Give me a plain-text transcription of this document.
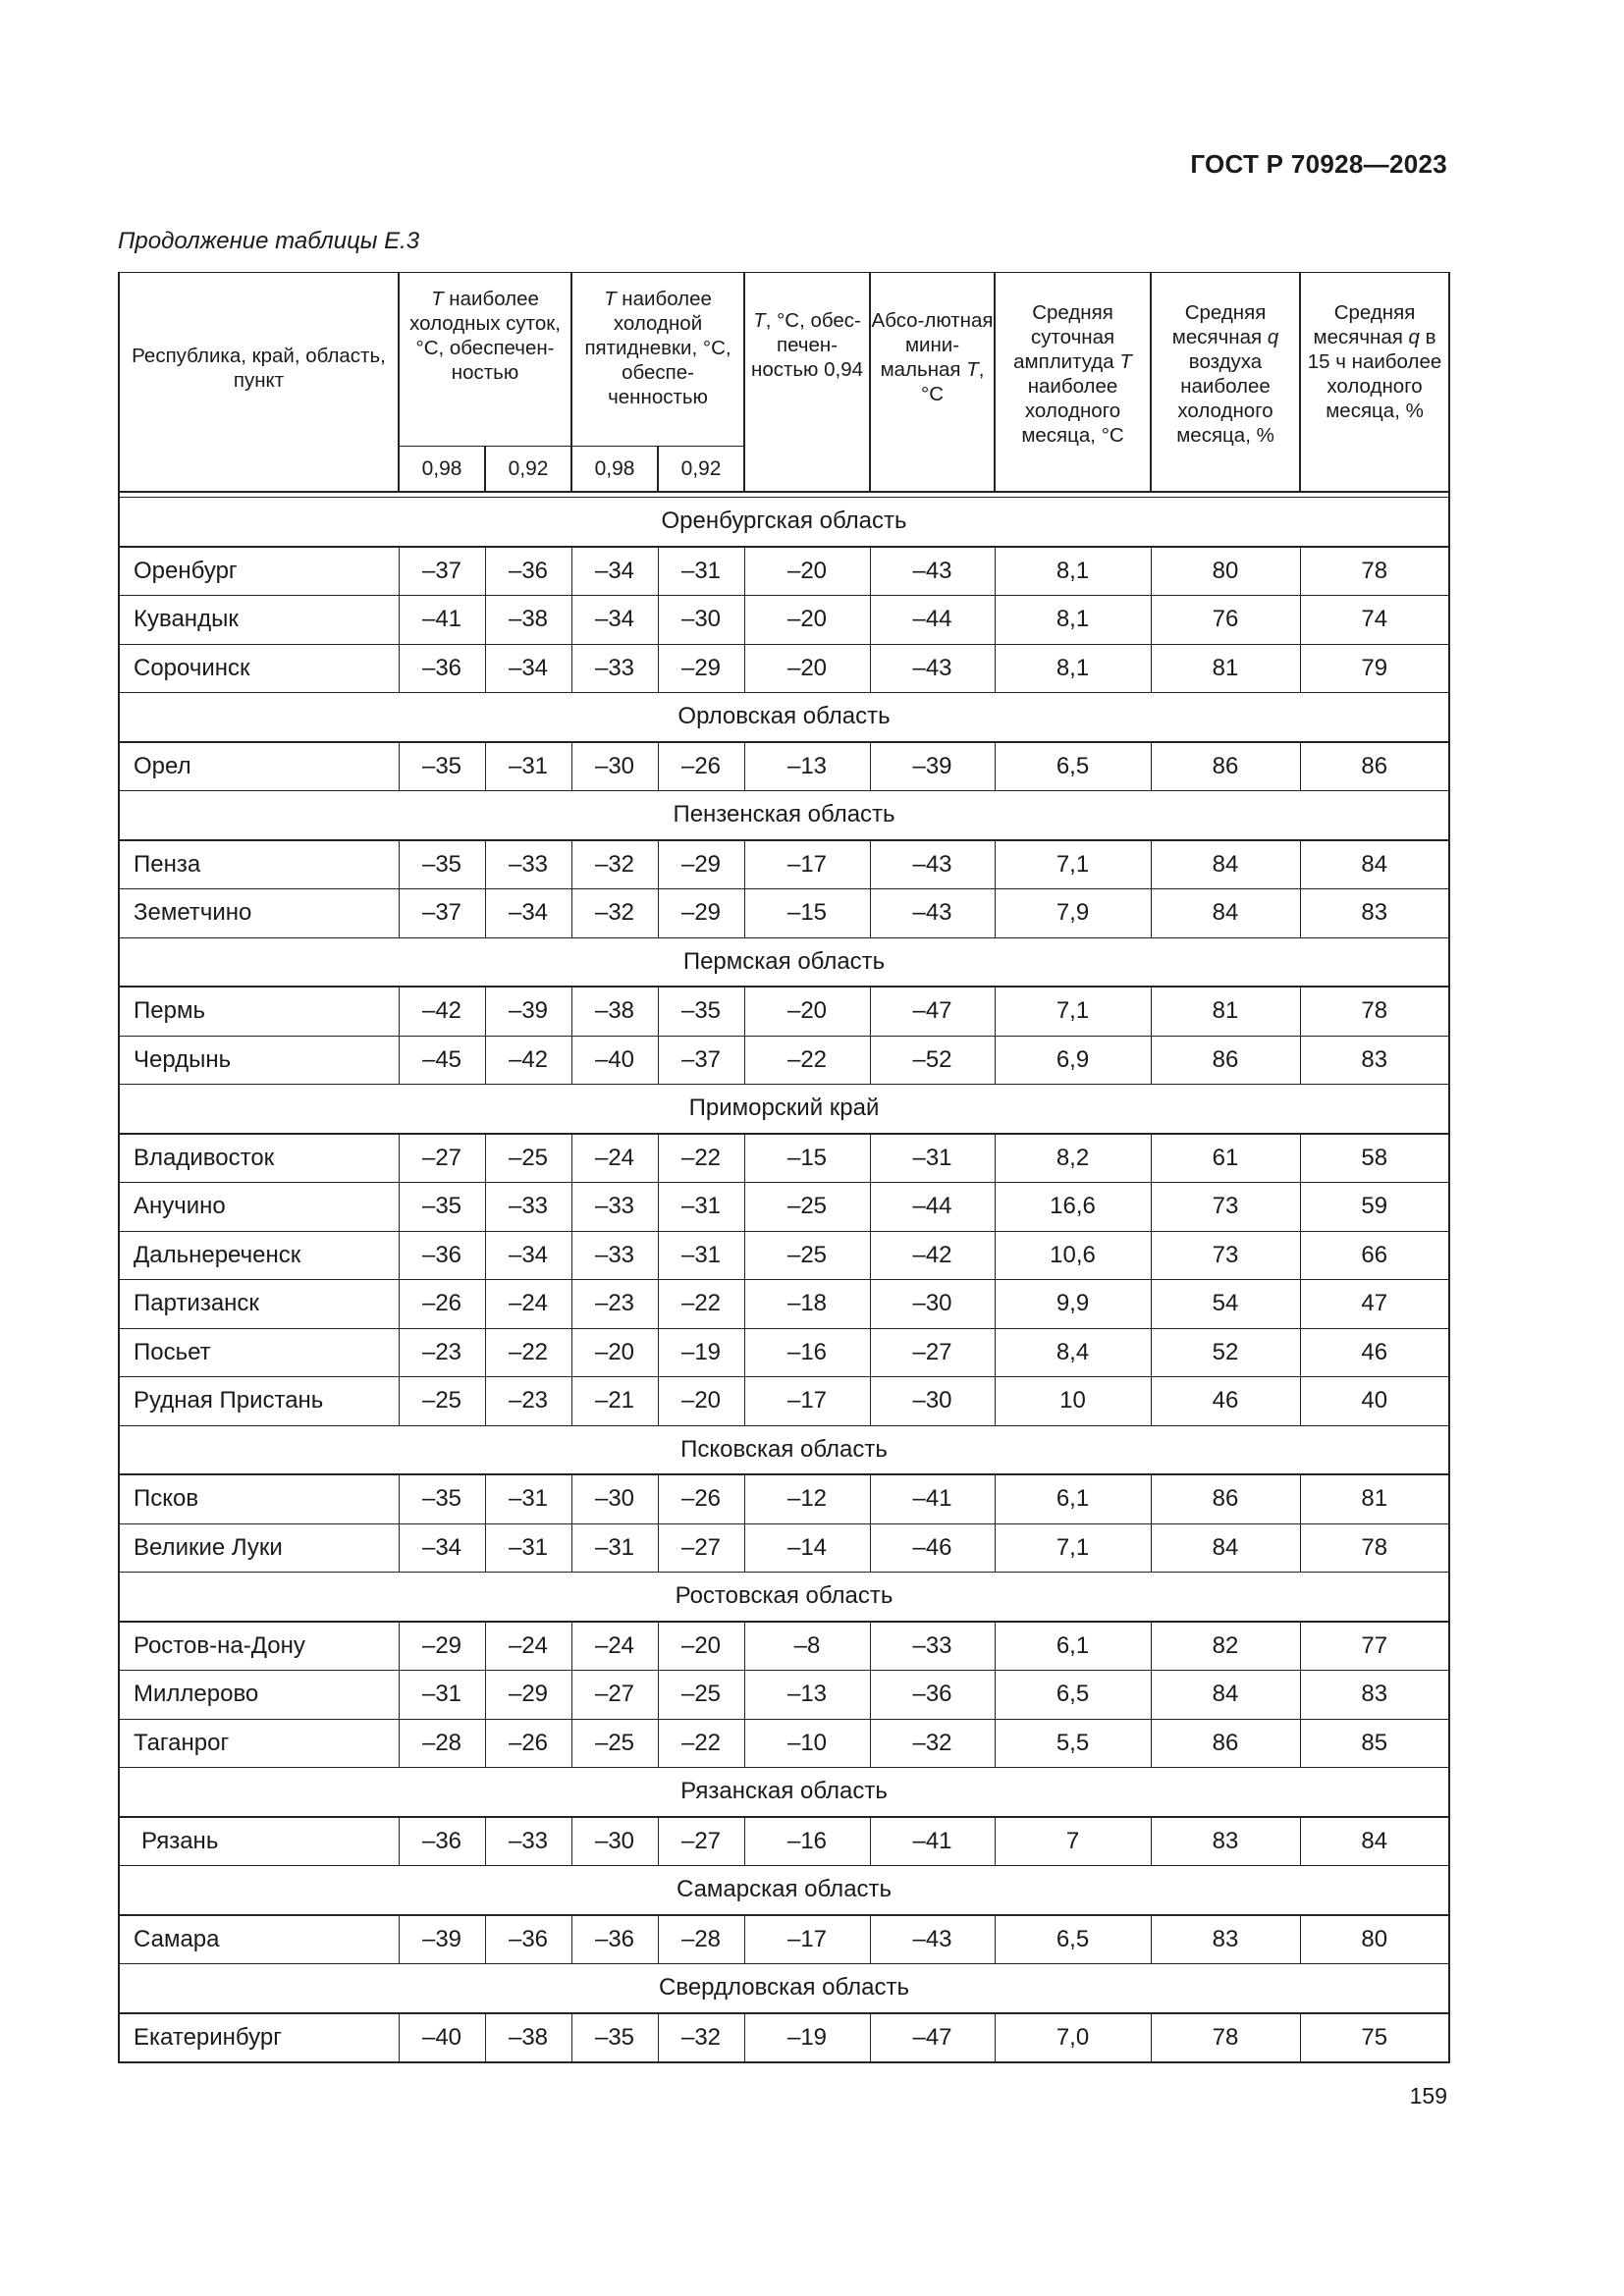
ГОСТ Р 70928—2023
Продолжение таблицы Е.3
Республика, край, область, пункт	T наиболее холодных суток, °С, обеспечен-ностью		T наиболее холодной пятидневки, °С, обеспе-ченностью		T, °С, обес-печен-ностью 0,94	Абсо-лютная мини-мальная T, °С	Средняя суточная амплитуда T наиболее холодного месяца, °С	Средняя месячная q воздуха наиболее холодного месяца, %	Средняя месячная q в 15 ч наиболее холодного месяца, %
	0,98	0,92	0,98	0,92					

Оренбургская область									
Оренбург	–37	–36	–34	–31	–20	–43	8,1	80	78
Кувандык	–41	–38	–34	–30	–20	–44	8,1	76	74
Сорочинск	–36	–34	–33	–29	–20	–43	8,1	81	79
Орловская область									
Орел	–35	–31	–30	–26	–13	–39	6,5	86	86
Пензенская область									
Пенза	–35	–33	–32	–29	–17	–43	7,1	84	84
Земетчино	–37	–34	–32	–29	–15	–43	7,9	84	83
Пермская область									
Пермь	–42	–39	–38	–35	–20	–47	7,1	81	78
Чердынь	–45	–42	–40	–37	–22	–52	6,9	86	83
Приморский край									
Владивосток	–27	–25	–24	–22	–15	–31	8,2	61	58
Анучино	–35	–33	–33	–31	–25	–44	16,6	73	59
Дальнереченск	–36	–34	–33	–31	–25	–42	10,6	73	66
Партизанск	–26	–24	–23	–22	–18	–30	9,9	54	47
Посьет	–23	–22	–20	–19	–16	–27	8,4	52	46
Рудная Пристань	–25	–23	–21	–20	–17	–30	10	46	40
Псковская область									
Псков	–35	–31	–30	–26	–12	–41	6,1	86	81
Великие Луки	–34	–31	–31	–27	–14	–46	7,1	84	78
Ростовская область									
Ростов-на-Дону	–29	–24	–24	–20	–8	–33	6,1	82	77
Миллерово	–31	–29	–27	–25	–13	–36	6,5	84	83
Таганрог	–28	–26	–25	–22	–10	–32	5,5	86	85
Рязанская область									
Рязань	–36	–33	–30	–27	–16	–41	7	83	84
Самарская область									
Самара	–39	–36	–36	–28	–17	–43	6,5	83	80
Свердловская область									
Екатеринбург	–40	–38	–35	–32	–19	–47	7,0	78	75
159
